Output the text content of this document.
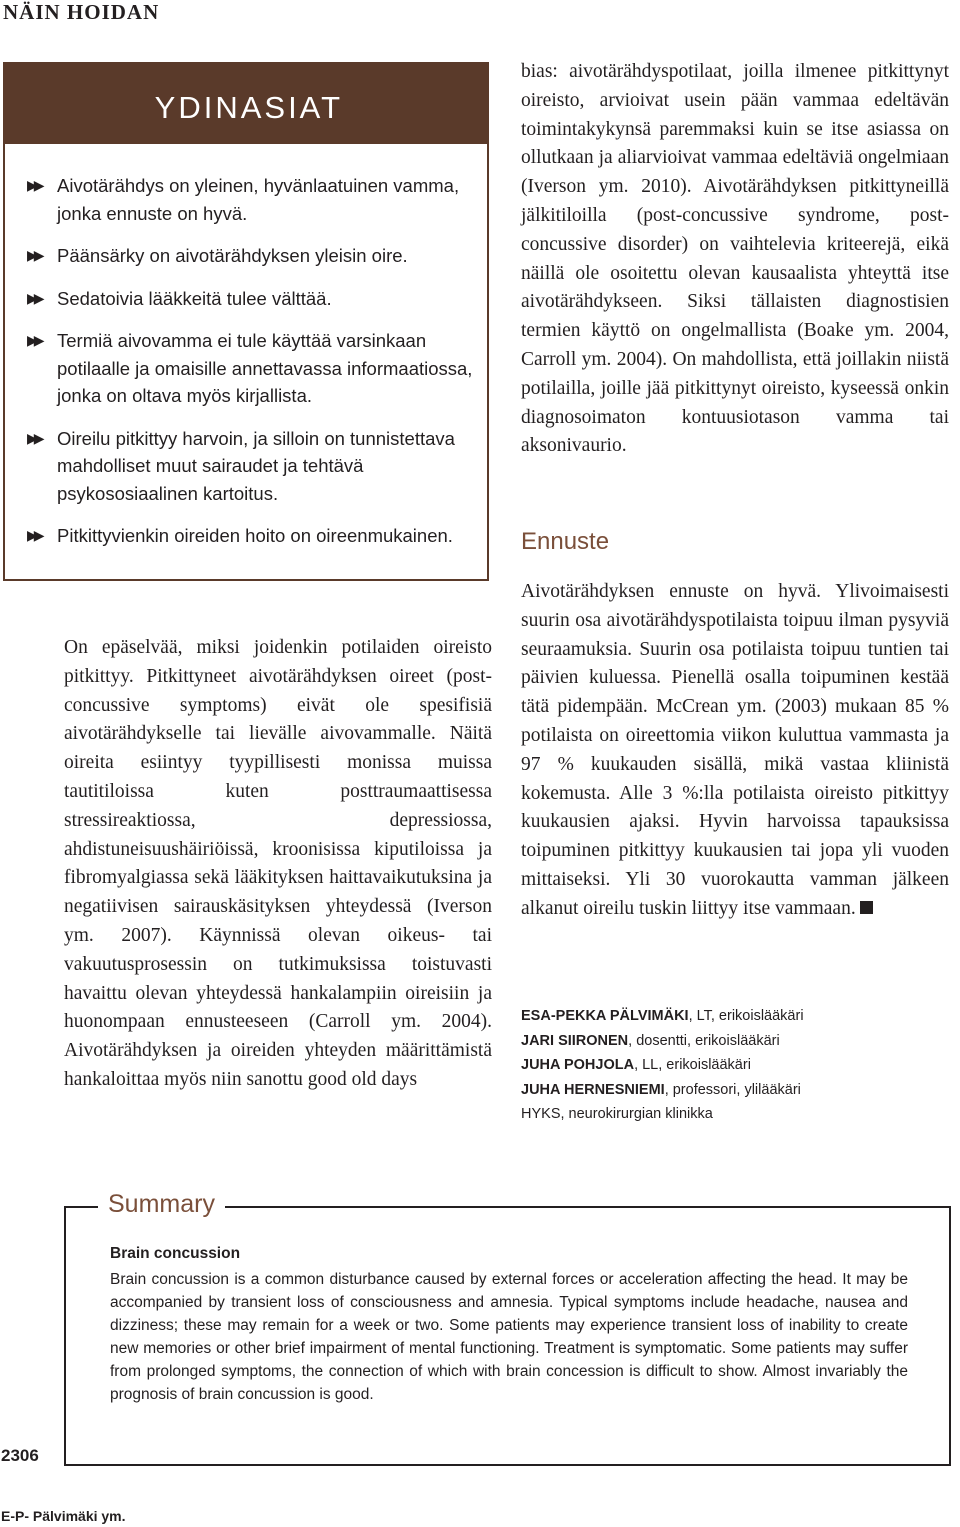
NÄIN HOIDAN
YDINASIAT
▶▶ Aivotärähdys on yleinen, hyvänlaatuinen vamma, jonka ennuste on hyvä.
▶▶ Päänsärky on aivotärähdyksen yleisin oire.
▶▶ Sedatoivia lääkkeitä tulee välttää.
▶▶ Termiä aivovamma ei tule käyttää varsinkaan potilaalle ja omaisille annettavassa informaatiossa, jonka on oltava myös kirjallista.
▶▶ Oireilu pitkittyy harvoin, ja silloin on tunnistettava mahdolliset muut sairaudet ja tehtävä psykososiaalinen kartoitus.
▶▶ Pitkittyvienkin oireiden hoito on oireenmukainen.
On epäselvää, miksi joidenkin potilaiden oireisto pitkittyy. Pitkittyneet aivotärähdyksen oireet (post-concussive symptoms) eivät ole spesifisiä aivotärähdykselle tai lievälle aivovammalle. Näitä oireita esiintyy tyypillisesti monissa muissa tautitiloissa kuten posttraumaattisessa stressireaktiossa, depressiossa, ahdistuneisuushäiriöissä, kroonisissa kiputiloissa ja fibromyalgiassa sekä lääkityksen haittavaikutuksina ja negatiivisen sairauskäsityksen yhteydessä (Iverson ym. 2007). Käynnissä olevan oikeus- tai vakuutusprosessin on tutkimuksissa toistuvasti havaittu olevan yhteydessä hankalampiin oireisiin ja huonompaan ennusteeseen (Carroll ym. 2004). Aivotärähdyksen ja oireiden yhteyden määrittämistä hankaloittaa myös niin sanottu good old days
bias: aivotärähdyspotilaat, joilla ilmenee pitkittynyt oireisto, arvioivat usein pään vammaa edeltävän toimintakykynsä paremmaksi kuin se itse asiassa on ollutkaan ja aliarvioivat vammaa edeltäviä ongelmiaan (Iverson ym. 2010). Aivotärähdyksen pitkittyneillä jälkitiloilla (post-concussive syndrome, post-concussive disorder) on vaihtelevia kriteerejä, eikä näillä ole osoitettu olevan kausaalista yhteyttä itse aivotärähdykseen. Siksi tällaisten diagnostisien termien käyttö on ongelmallista (Boake ym. 2004, Carroll ym. 2004). On mahdollista, että joillakin niistä potilailla, joille jää pitkittynyt oireisto, kyseessä onkin diagnosoimaton kontuusiotason vamma tai aksonivaurio.
Ennuste
Aivotärähdyksen ennuste on hyvä. Ylivoimaisesti suurin osa aivotärähdyspotilaista toipuu ilman pysyviä seuraamuksia. Suurin osa potilaista toipuu tuntien tai päivien kuluessa. Pienellä osalla toipuminen kestää tätä pidempään. McCrean ym. (2003) mukaan 85 % potilaista on oireettomia viikon kuluttua vammasta ja 97 % kuukauden sisällä, mikä vastaa kliinistä kokemusta. Alle 3 %:lla potilaista oireisto pitkittyy kuukausien ajaksi. Hyvin harvoissa tapauksissa toipuminen pitkittyy kuukausien tai jopa yli vuoden mittaiseksi. Yli 30 vuorokautta vamman jälkeen alkanut oireilu tuskin liittyy itse vammaan.
ESA-PEKKA PÄLVIMÄKI, LT, erikoislääkäri
JARI SIIRONEN, dosentti, erikoislääkäri
JUHA POHJOLA, LL, erikoislääkäri
JUHA HERNESNIEMI, professori, ylilääkäri
HYKS, neurokirurgian klinikka
Summary
Brain concussion
Brain concussion is a common disturbance caused by external forces or acceleration affecting the head. It may be accompanied by transient loss of consciousness and amnesia. Typical symptoms include headache, nausea and dizziness; these may remain for a week or two. Some patients may experience transient loss of inability to create new memories or other brief impairment of mental functioning. Treatment is symptomatic. Some patients may suffer from prolonged symptoms, the connection of which with brain concession is difficult to show. Almost invariably the prognosis of brain concussion is good.
2306
E-P- Pälvimäki ym.
